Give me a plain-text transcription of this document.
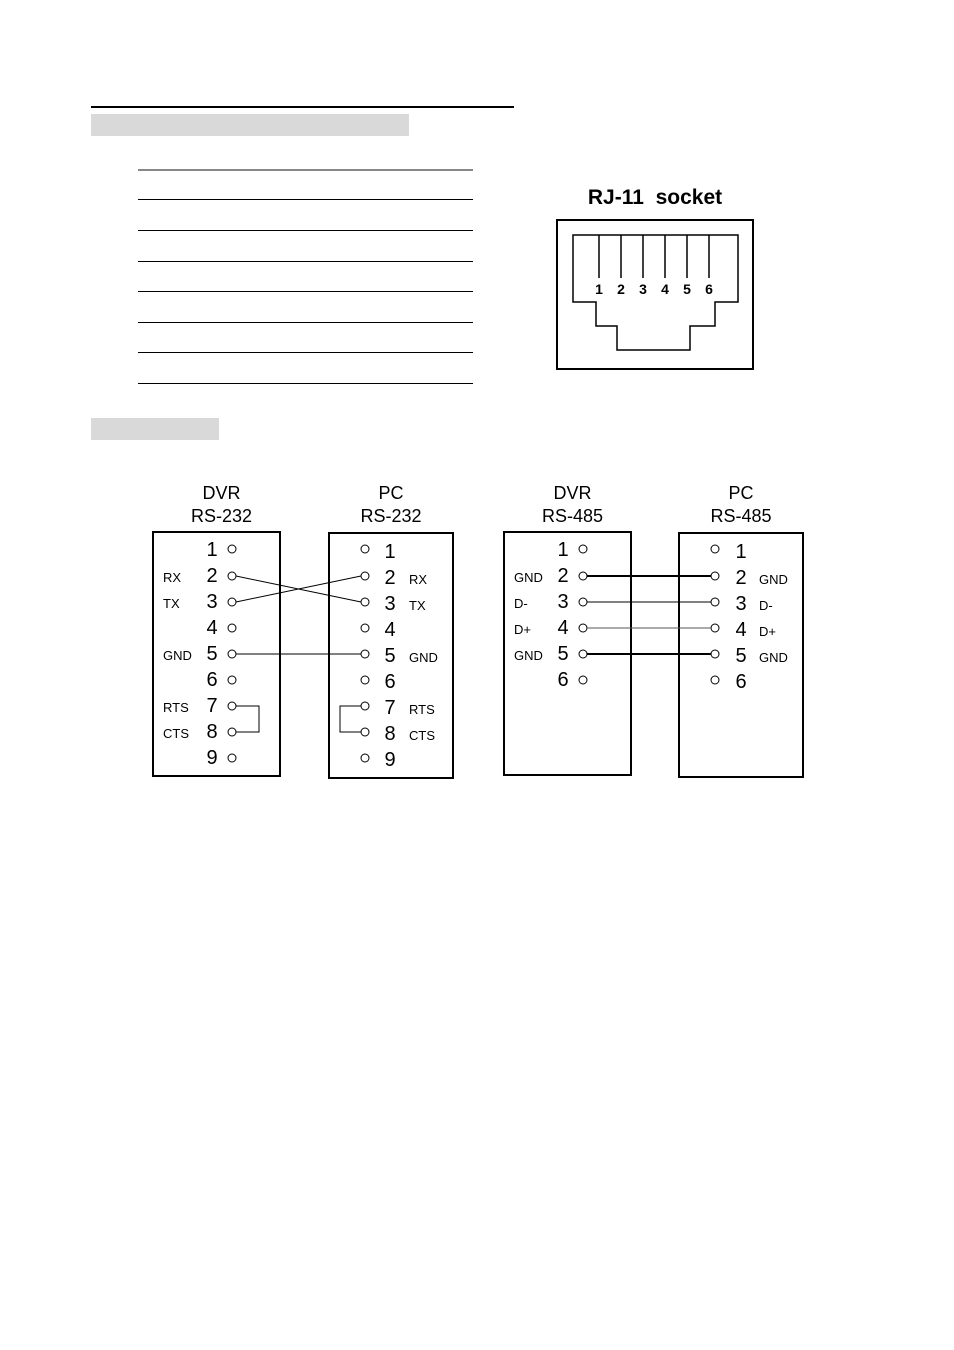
RJ-11  socket
1 2 3 4 5 6
DVR
RS-232
PC
RS-232
DVR
RS-485
PC
RS-485
1
2
3
4
5
6
7
8
9
RX
TX
GND
RTS
CTS
1
2
3
4
5
6
7
8
9
RX
TX
GND
RTS
CTS
1
2
3
4
5
6
GND
D-
D+
GND
1
2
3
4
5
6
GND
D-
D+
GND
